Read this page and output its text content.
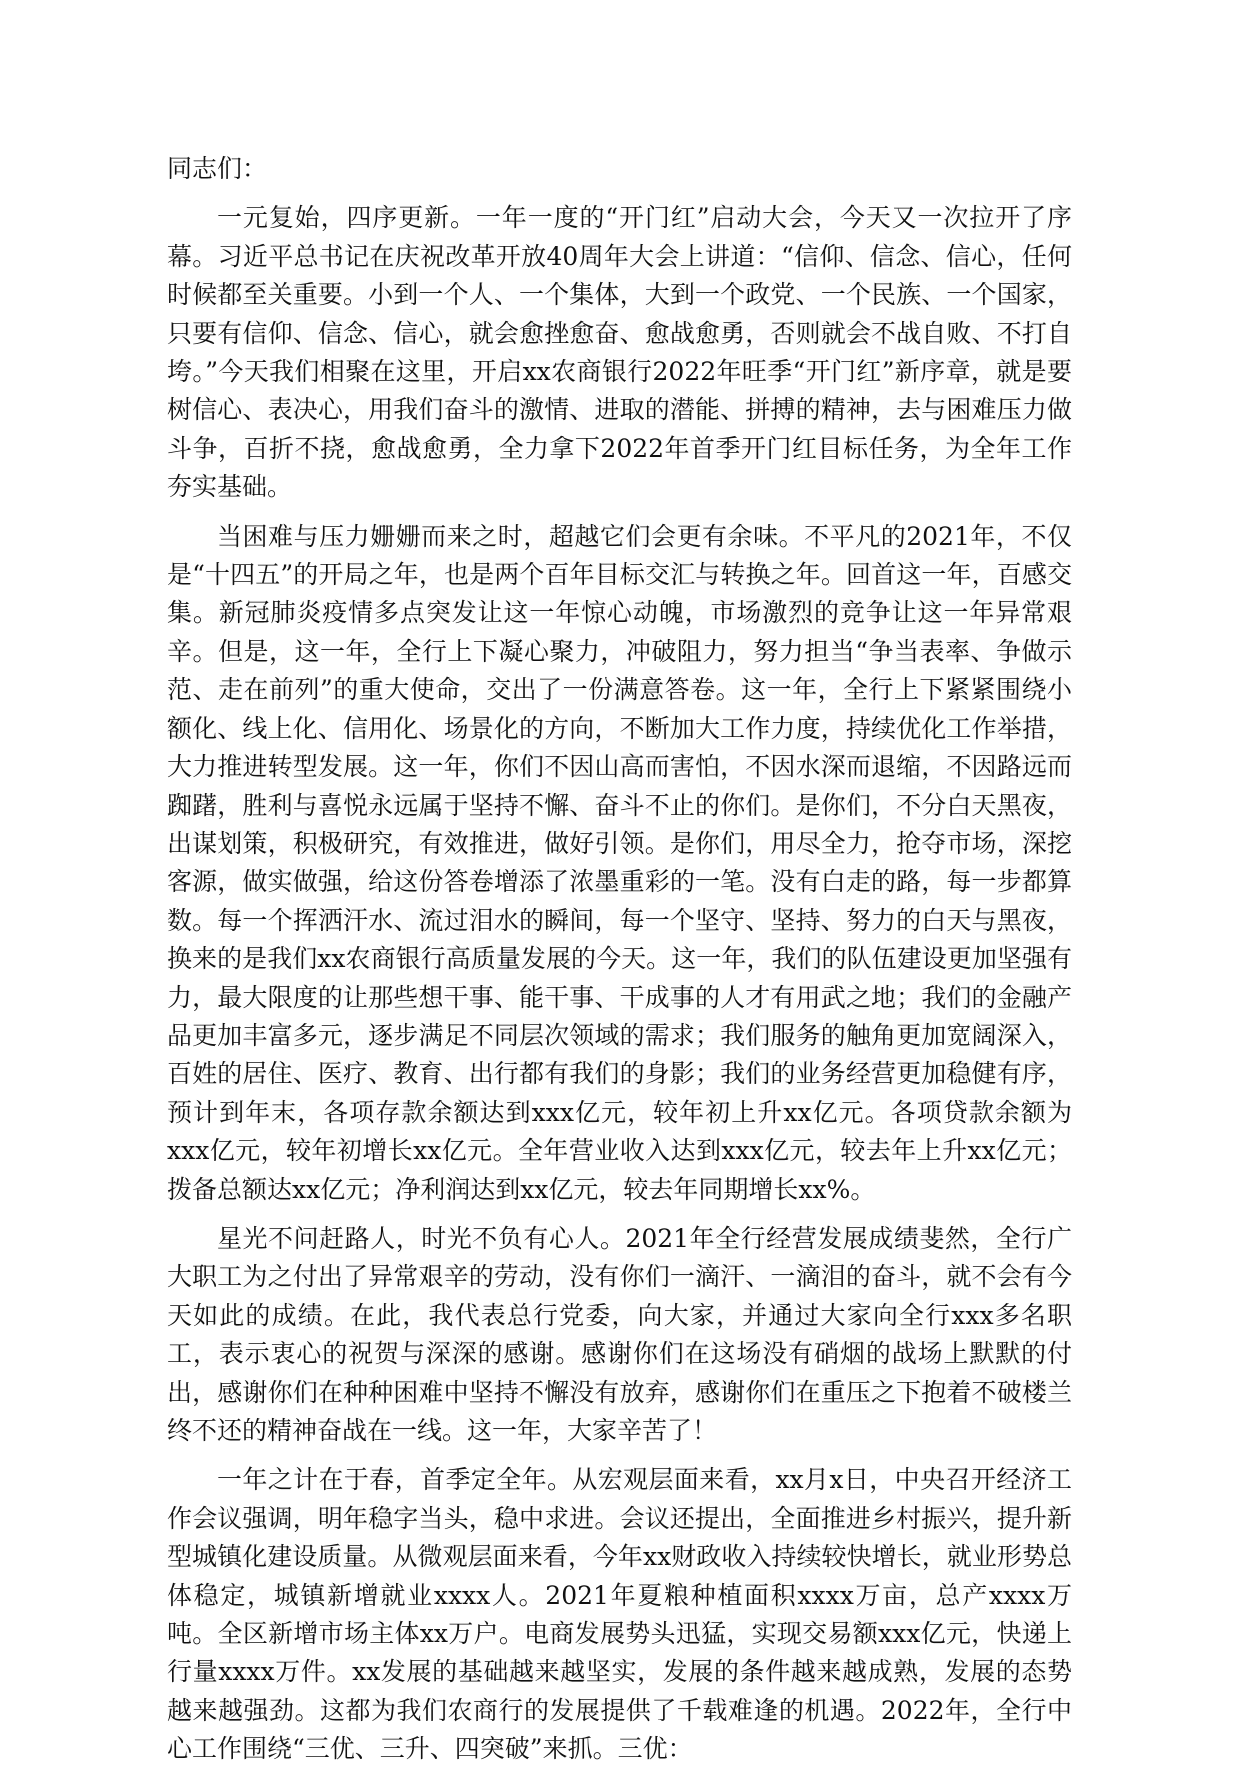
同志们：

一元复始，四序更新。一年一度的“开门红”启动大会，今天又一次拉开了序幕。习近平总书记在庆祝改革开放40周年大会上讲道：“信仰、信念、信心，任何时候都至关重要。小到一个人、一个集体，大到一个政党、一个民族、一个国家，只要有信仰、信念、信心，就会愈挫愈奋、愈战愈勇，否则就会不战自败、不打自垮。”今天我们相聚在这里，开启xx农商银行2022年旺季“开门红”新序章，就是要树信心、表决心，用我们奋斗的激情、进取的潜能、拼搏的精神，去与困难压力做斗争，百折不挠，愈战愈勇，全力拿下2022年首季开门红目标任务，为全年工作夯实基础。

当困难与压力姗姗而来之时，超越它们会更有余味。不平凡的2021年，不仅是“十四五”的开局之年，也是两个百年目标交汇与转换之年。回首这一年，百感交集。新冠肺炎疫情多点突发让这一年惊心动魄，市场激烈的竞争让这一年异常艰辛。但是，这一年，全行上下凝心聚力，冲破阻力，努力担当“争当表率、争做示范、走在前列”的重大使命，交出了一份满意答卷。这一年，全行上下紧紧围绕小额化、线上化、信用化、场景化的方向，不断加大工作力度，持续优化工作举措，大力推进转型发展。这一年，你们不因山高而害怕，不因水深而退缩，不因路远而踟躇，胜利与喜悦永远属于坚持不懈、奋斗不止的你们。是你们，不分白天黑夜，出谋划策，积极研究，有效推进，做好引领。是你们，用尽全力，抢夺市场，深挖客源，做实做强，给这份答卷增添了浓墨重彩的一笔。没有白走的路，每一步都算数。每一个挥洒汗水、流过泪水的瞬间，每一个坚守、坚持、努力的白天与黑夜，换来的是我们xx农商银行高质量发展的今天。这一年，我们的队伍建设更加坚强有力，最大限度的让那些想干事、能干事、干成事的人才有用武之地；我们的金融产品更加丰富多元，逐步满足不同层次领域的需求；我们服务的触角更加宽阔深入，百姓的居住、医疗、教育、出行都有我们的身影；我们的业务经营更加稳健有序，预计到年末，各项存款余额达到xxx亿元，较年初上升xx亿元。各项贷款余额为xxx亿元，较年初增长xx亿元。全年营业收入达到xxx亿元，较去年上升xx亿元；拨备总额达xx亿元；净利润达到xx亿元，较去年同期增长xx%。

星光不问赶路人，时光不负有心人。2021年全行经营发展成绩斐然，全行广大职工为之付出了异常艰辛的劳动，没有你们一滴汗、一滴泪的奋斗，就不会有今天如此的成绩。在此，我代表总行党委，向大家，并通过大家向全行xxx多名职工，表示衷心的祝贺与深深的感谢。感谢你们在这场没有硝烟的战场上默默的付出，感谢你们在种种困难中坚持不懈没有放弃，感谢你们在重压之下抱着不破楼兰终不还的精神奋战在一线。这一年，大家辛苦了！

一年之计在于春，首季定全年。从宏观层面来看，xx月x日，中央召开经济工作会议强调，明年稳字当头，稳中求进。会议还提出，全面推进乡村振兴，提升新型城镇化建设质量。从微观层面来看，今年xx财政收入持续较快增长，就业形势总体稳定，城镇新增就业xxxx人。2021年夏粮种植面积xxxx万亩，总产xxxx万吨。全区新增市场主体xx万户。电商发展势头迅猛，实现交易额xxx亿元，快递上行量xxxx万件。xx发展的基础越来越坚实，发展的条件越来越成熟，发展的态势越来越强劲。这都为我们农商行的发展提供了千载难逢的机遇。2022年，全行中心工作围绕“三优、三升、四突破”来抓。三优：
